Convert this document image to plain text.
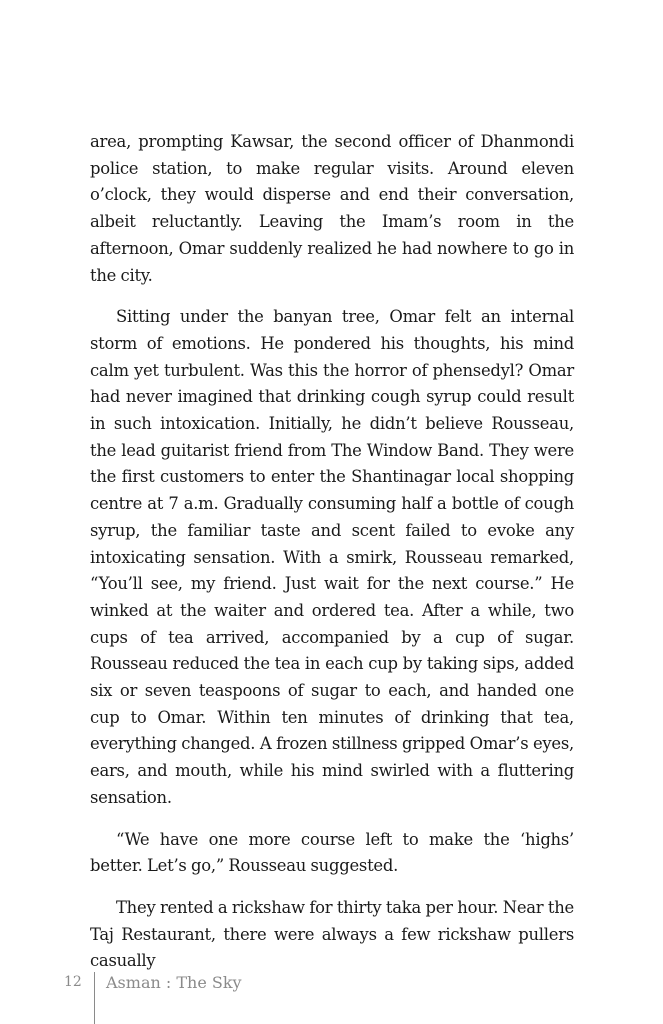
area, prompting Kawsar, the second officer of Dhanmondi police station, to make regular visits. Around eleven o’clock, they would disperse and end their conversation, albeit reluctantly. Leaving the Imam’s room in the afternoon, Omar suddenly realized he had nowhere to go in the city.

Sitting under the banyan tree, Omar felt an internal storm of emotions. He pondered his thoughts, his mind calm yet turbulent. Was this the horror of phensedyl? Omar had never imagined that drinking cough syrup could result in such intoxication. Initially, he didn’t believe Rousseau, the lead guitarist friend from The Window Band. They were the first customers to enter the Shantinagar local shopping centre at 7 a.m. Gradually consuming half a bottle of cough syrup, the familiar taste and scent failed to evoke any intoxicating sensation. With a smirk, Rousseau remarked, “You’ll see, my friend. Just wait for the next course.” He winked at the waiter and ordered tea. After a while, two cups of tea arrived, accompanied by a cup of sugar. Rousseau reduced the tea in each cup by taking sips, added six or seven teaspoons of sugar to each, and handed one cup to Omar. Within ten minutes of drinking that tea, everything changed. A frozen stillness gripped Omar’s eyes, ears, and mouth, while his mind swirled with a fluttering sensation.

“We have one more course left to make the ‘highs’ better. Let’s go,” Rousseau suggested.

They rented a rickshaw for thirty taka per hour. Near the Taj Restaurant, there were always a few rickshaw pullers casually

12 Asman : The Sky
